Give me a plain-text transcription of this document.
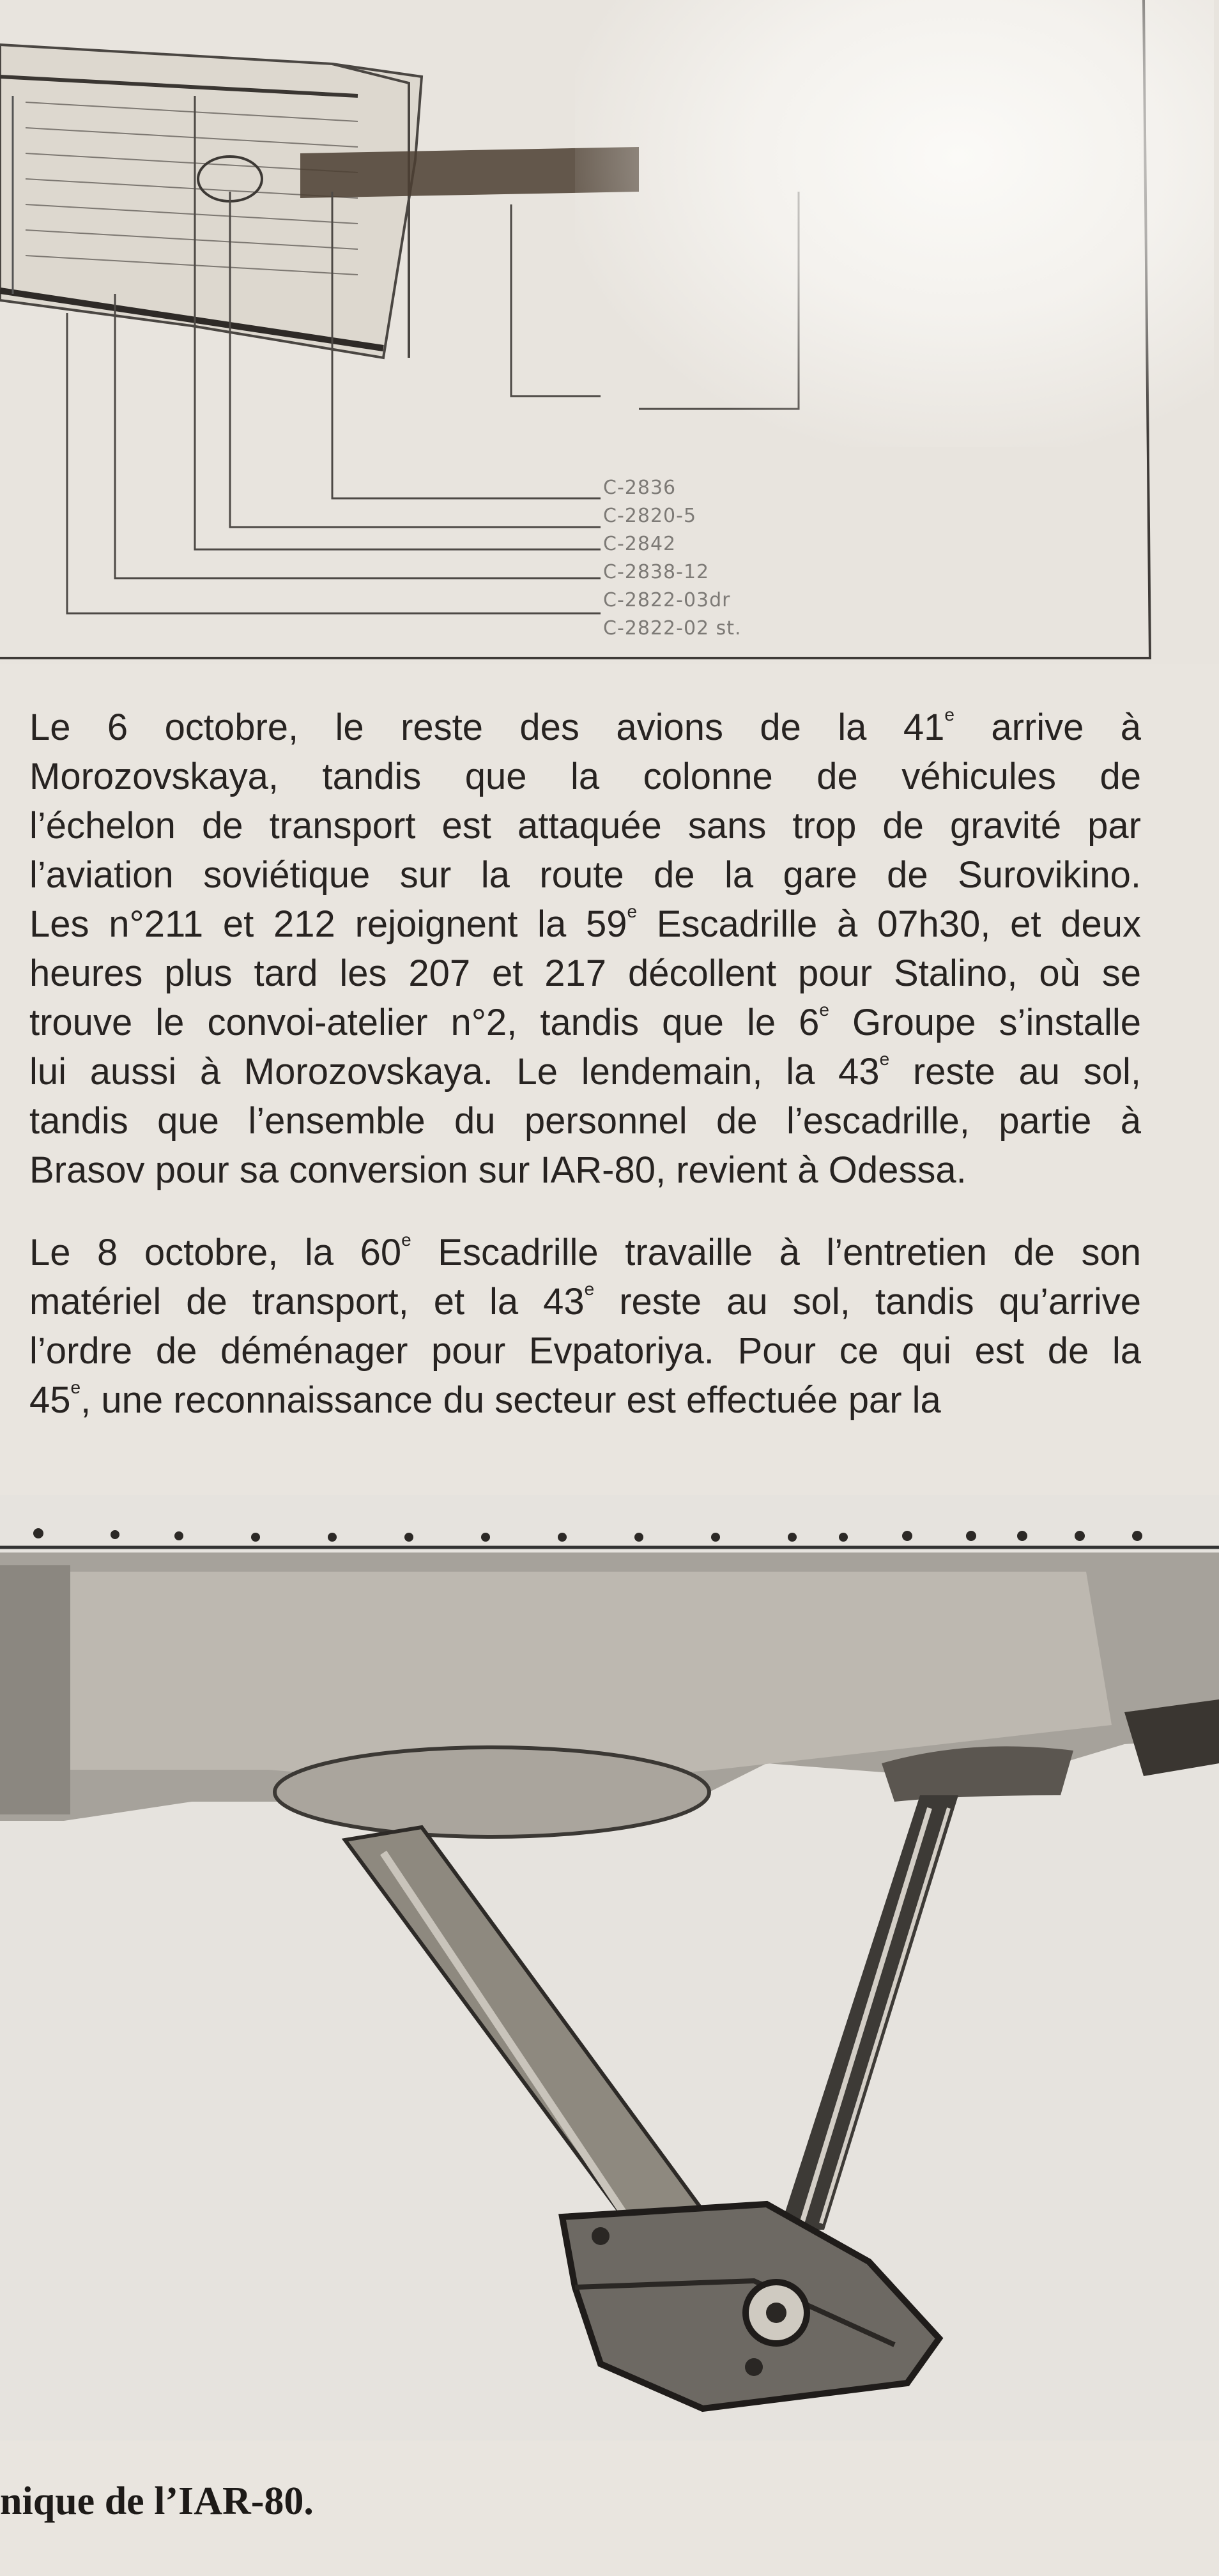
C-2836
C-2820-5
C-2842
C-2838-12
C-2822-03dr
C-2822-02 st.
Le 6 octobre, le reste des avions de la 41e arrive à
Morozovskaya, tandis que la colonne de véhicules de
l’échelon de transport est attaquée sans trop de gravité par
l’aviation soviétique sur la route de la gare de Surovikino.
Les n°211 et 212 rejoignent la 59e Escadrille à 07h30, et deux
heures plus tard les 207 et 217 décollent pour Stalino, où se
trouve le convoi-atelier n°2, tandis que le 6e Groupe s’installe
lui aussi à Morozovskaya. Le lendemain, la 43e reste au sol,
tandis que l’ensemble du personnel de l’escadrille, partie à
Brasov pour sa conversion sur IAR-80, revient à Odessa.
Le 8 octobre, la 60e Escadrille travaille à l’entretien de son
matériel de transport, et la 43e reste au sol, tandis qu’arrive
l’ordre de déménager pour Evpatoriya. Pour ce qui est de la
45e, une reconnaissance du secteur est effectuée par la
nique de l’IAR-80.
